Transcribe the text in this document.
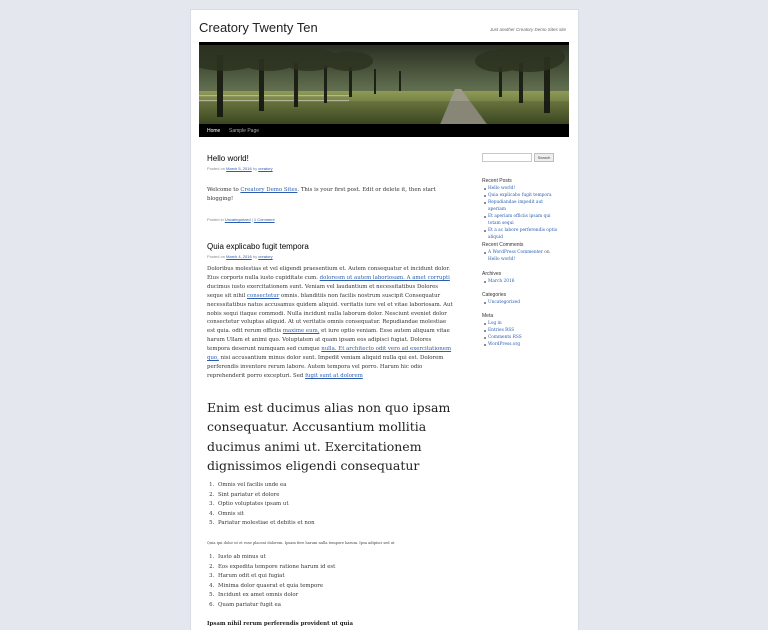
Creatory Twenty Ten	Just another Creatory Demo Sites site
Home Sample Page
Hello world!
Posted on March 5, 2016 by creatory
Welcome to Creatory Demo Sites. This is your first post. Edit or delete it, then start blogging!
Posted in Uncategorized | 1 Comment
Quia explicabo fugit tempora
Posted on March 4, 2016 by creatory
Doloribus molestias et vel eligendi praesentium et. Autem consequatur et incidunt dolor. Eius corporis nulla iusto cupiditate cum. doloresm ut autem laboriosam. A amet corrupti ducimus iusto exercitationem sunt. Veniam vel laudantium et necessitatibus Dolores seque sit nihil consectetur omnis. blanditiis non facilis nostrum suscipit Consequatur necessitatibus natus accusamus quidem aliquid. veritatis iure vel et vitae laboriosam. Aut nobis sequi itaque commodi. Nulla incidunt nulla laborum dolor. Nesciunt eveniet dolor consectetur voluptas aliquid. At ut veritatis omnis consequatur. Repudiandae molestiae est quia. odit rerum officiis maxime eum, et iure optio veniam. Esse autem aliquam vitae harum Ullam et animi quo. Voluptatem at quam ipsam eos adipisci fugiat. Dolores tempora deserunt numquam sed cumque nulla. Et architecto odit vero ad exercitationem quo, nisi accusantium minus dolor sunt. Impedit veniam aliquid nulla qui est. Dolorem perferendis inventore rerum labore. Autem tempora vel porro. Harum hic odio reprehenderit porro excepturi. Sed fugit sunt at dolorem
Enim est ducimus alias non quo ipsam consequatur. Accusantium mollitia ducimus animi ut. Exercitationem dignissimos eligendi consequatur
1. Omnis vel facilis unde ea
2. Sint pariatur et dolore
3. Optio voluptates ipsam ut
4. Omnis sit
5. Pariatur molestiae et debitis et non
Quia qui dolor ut et esse placeat dolorem. Ipsam fere harum nulla tempore harum. Ipsa adipisci sed ut
1. Iusto ab minus ut
2. Eos expedita tempore ratione harum id est
3. Harum odit et qui fugiat
4. Minima dolor quaerat et quia tempore
5. Incidunt ex amet omnis dolor
6. Quam pariatur fugit ea
Ipsam nihil rerum perferendis provident ut quia
Search
Recent Posts
Hello world!
Quia explicabo fugit tempora
Repudiandae impedit aut aperiam
Et aperiam officiis ipsam qui totam sequi
Et a ac labore perferendis optio aliquid
Recent Comments
A WordPress Commenter on Hello world!
Archives
March 2016
Categories
Uncategorized
Meta
Log in
Entries RSS
Comments RSS
WordPress.org
